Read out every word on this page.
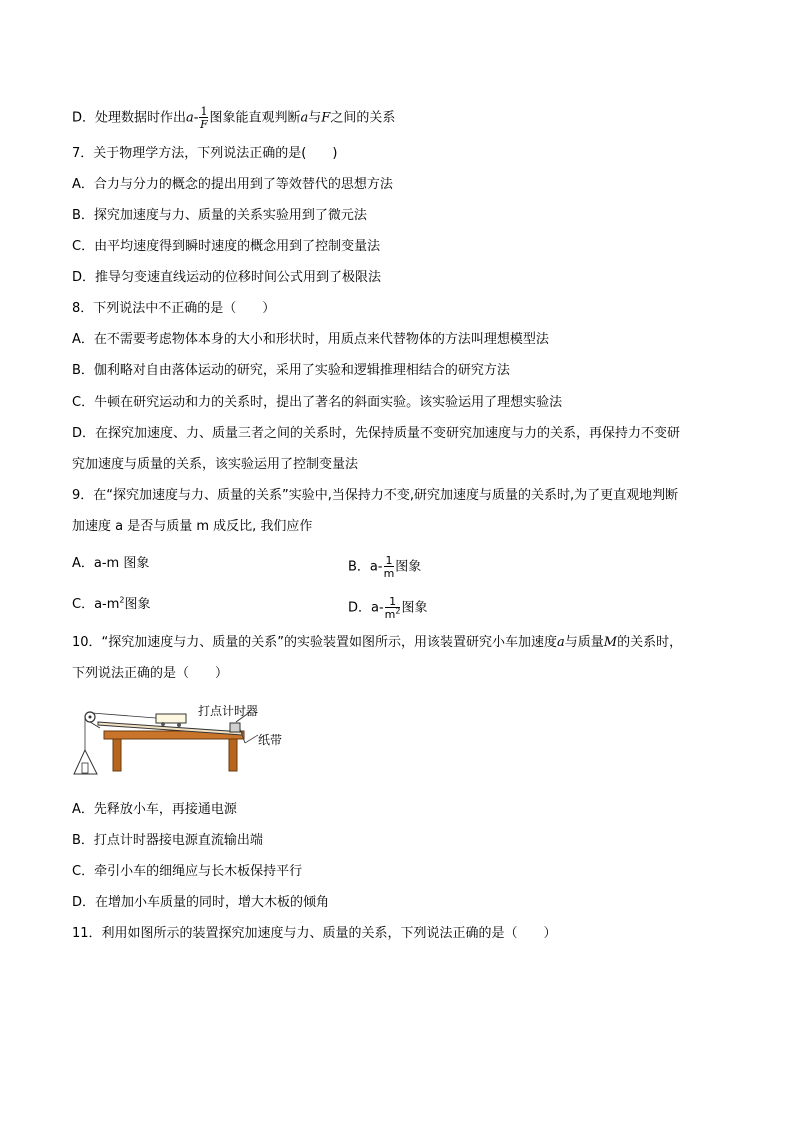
D．处理数据时作出$a- \frac{1}{F}$ 图象能直观判断a与F之间的关系
7．关于物理学方法，下列说法正确的是(　　)
A．合力与分力的概念的提出用到了等效替代的思想方法
B．探究加速度与力、质量的关系实验用到了微元法
C．由平均速度得到瞬时速度的概念用到了控制变量法
D．推导匀变速直线运动的位移时间公式用到了极限法
8．下列说法中不正确的是（　　）
A．在不需要考虑物体本身的大小和形状时，用质点来代替物体的方法叫理想模型法
B．伽利略对自由落体运动的研究，采用了实验和逻辑推理相结合的研究方法
C．牛顿在研究运动和力的关系时，提出了著名的斜面实验。该实验运用了理想实验法
D．在探究加速度、力、质量三者之间的关系时，先保持质量不变研究加速度与力的关系，再保持力不变研
究加速度与质量的关系，该实验运用了控制变量法
9．在“探究加速度与力、质量的关系”实验中,当保持力不变,研究加速度与质量的关系时,为了更直观地判断
加速度 a 是否与质量 m 成反比, 我们应作
A．a-m 图象	B．$a- \frac{1}{m}$ 图象
C．$a-m^2$图象	D．$a- \frac{1}{m^2}$ 图象
10．“探究加速度与力、质量的关系”的实验装置如图所示，用该装置研究小车加速度a与质量M的关系时，
下列说法正确的是（　　）
打点计时器
纸带
A．先释放小车，再接通电源
B．打点计时器接电源直流输出端
C．牵引小车的细绳应与长木板保持平行
D．在增加小车质量的同时，增大木板的倾角
11．利用如图所示的装置探究加速度与力、质量的关系，下列说法正确的是（　　）
